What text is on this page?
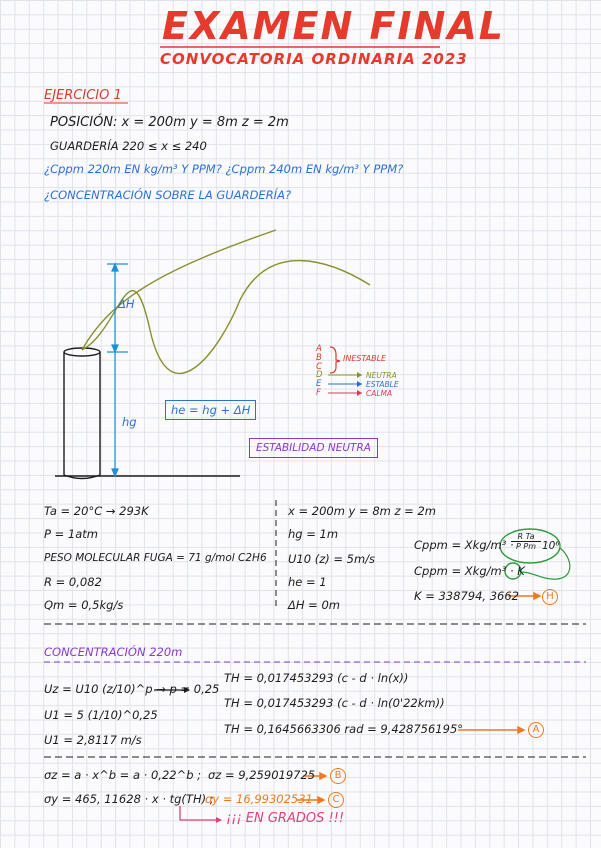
EXAMEN FINAL
CONVOCATORIA ORDINARIA 2023
EJERCICIO 1
POSICIÓN: x = 200m y = 8m z = 2m
GUARDERÍA 220 ≤ x ≤ 240
¿Cppm 220m EN kg/m³ Y PPM? ¿Cppm 240m EN kg/m³ Y PPM?
¿CONCENTRACIÓN SOBRE LA GUARDERÍA?
ΔH
hg
he = hg + ΔH
ESTABILIDAD NEUTRA
A
B
C
D
E
F
INESTABLE
NEUTRA
ESTABLE
CALMA
Ta = 20°C → 293K
P = 1atm
PESO MOLECULAR FUGA = 71 g/mol C2H6
R = 0,082
Qm = 0,5kg/s
x = 200m y = 8m z = 2m
hg = 1m
U10 (z) = 5m/s
he = 1
ΔH = 0m
Cppm = Xkg/m³ ·
$\frac{\text{R Ta}}{\text{P Pm}} 10^6$
Cppm = Xkg/m³ · K
K = 338794, 3662	H
CONCENTRACIÓN 220m
Uz = U10 (z/10)^p → p = 0,25
U1 = 5 (1/10)^0,25
U1 = 2,8117 m/s
TH = 0,017453293 (c - d · ln(x))
TH = 0,017453293 (c - d · ln(0'22km))
TH = 0,1645663306 rad = 9,428756195°	A
σz = a · x^b = a · 0,22^b ; σz = 9,259019725	B
σy = 465, 11628 · x · tg(TH) ;
σy = 16,99302531	C
¡¡¡ EN GRADOS !!!
